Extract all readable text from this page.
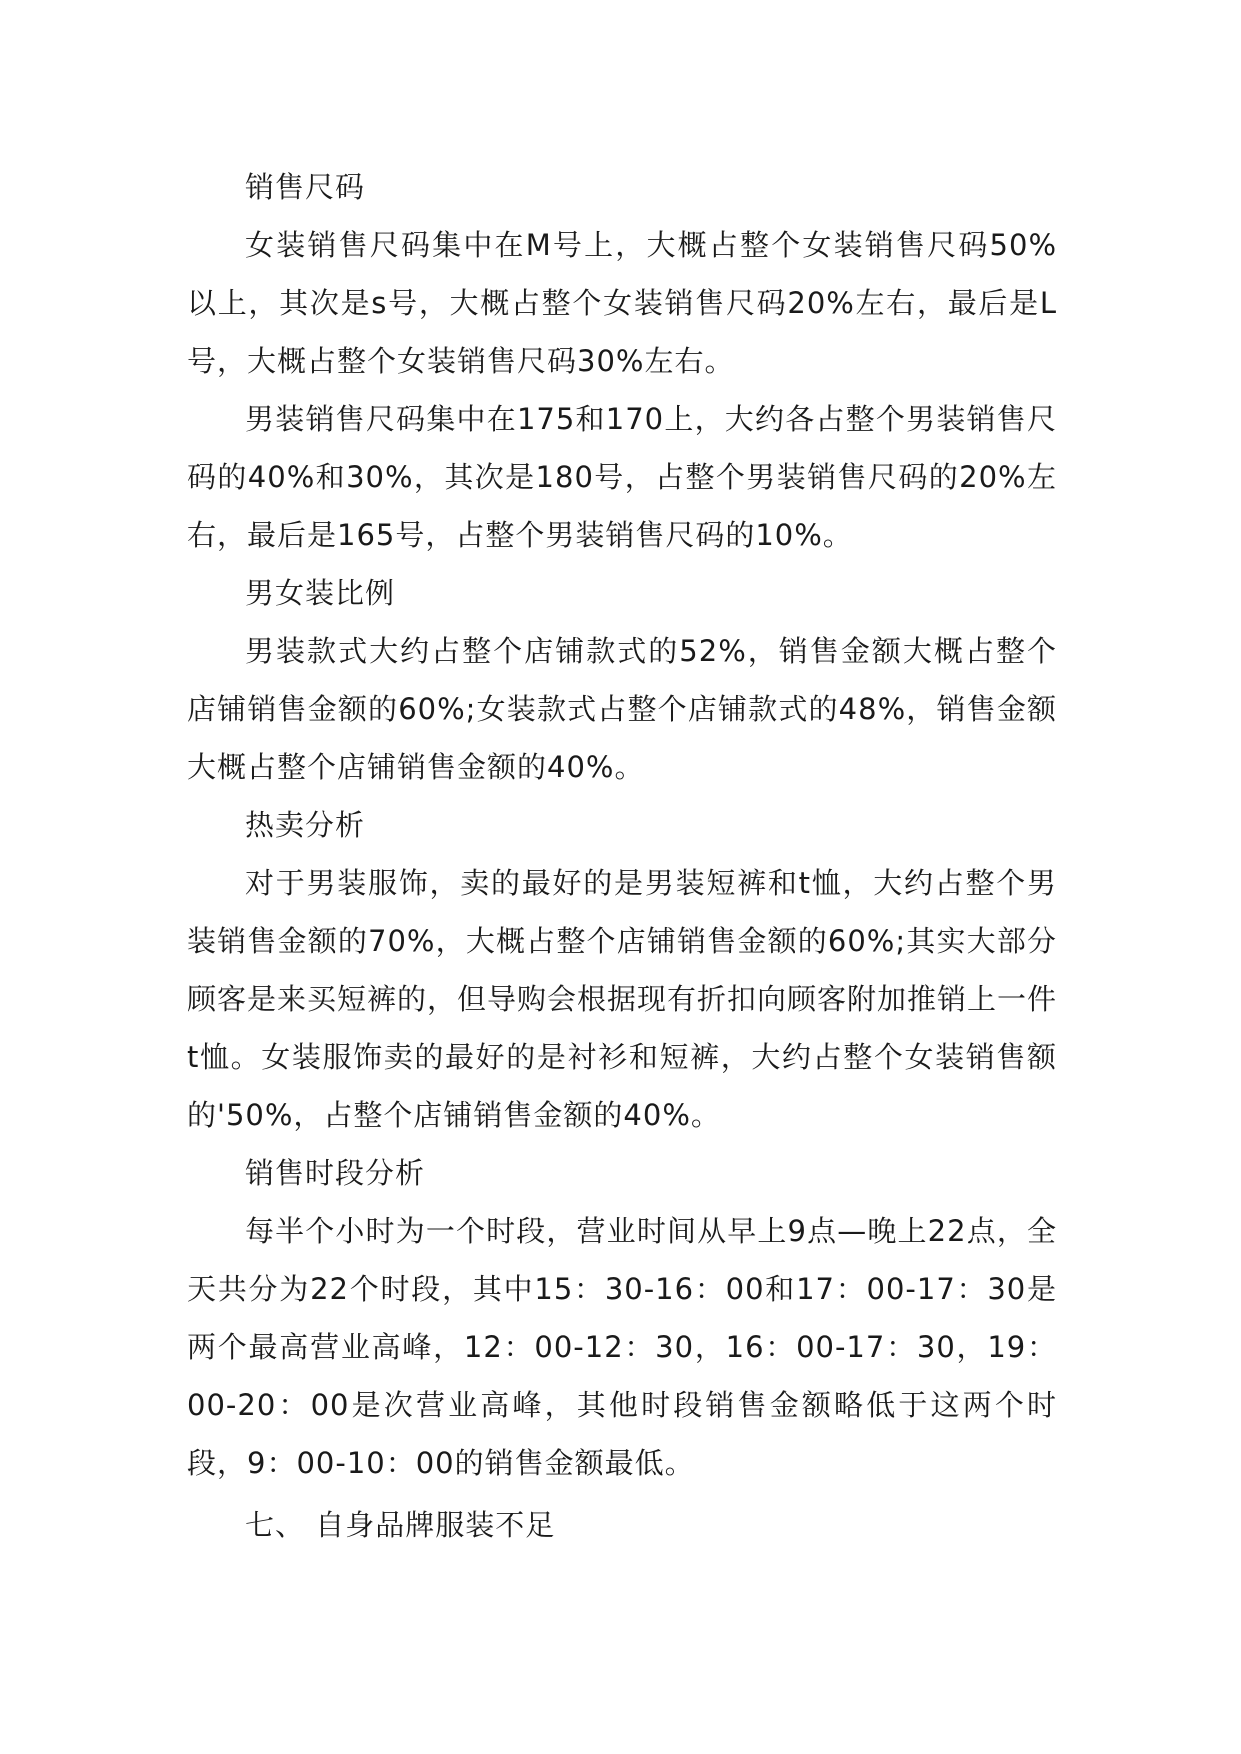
销售尺码

女装销售尺码集中在M号上，大概占整个女装销售尺码50%以上，其次是s号，大概占整个女装销售尺码20%左右，最后是L号，大概占整个女装销售尺码30%左右。

男装销售尺码集中在175和170上，大约各占整个男装销售尺码的40%和30%，其次是180号，占整个男装销售尺码的20%左右，最后是165号，占整个男装销售尺码的10%。

男女装比例

男装款式大约占整个店铺款式的52%，销售金额大概占整个店铺销售金额的60%;女装款式占整个店铺款式的48%，销售金额大概占整个店铺销售金额的40%。

热卖分析

对于男装服饰，卖的最好的是男装短裤和t恤，大约占整个男装销售金额的70%，大概占整个店铺销售金额的60%;其实大部分顾客是来买短裤的，但导购会根据现有折扣向顾客附加推销上一件t恤。女装服饰卖的最好的是衬衫和短裤，大约占整个女装销售额的'50%，占整个店铺销售金额的40%。

销售时段分析

每半个小时为一个时段，营业时间从早上9点—晚上22点，全天共分为22个时段，其中15：30-16：00和17：00-17：30是两个最高营业高峰，12：00-12：30，16：00-17：30，19：00-20：00是次营业高峰，其他时段销售金额略低于这两个时段，9：00-10：00的销售金额最低。

七、 自身品牌服装不足
